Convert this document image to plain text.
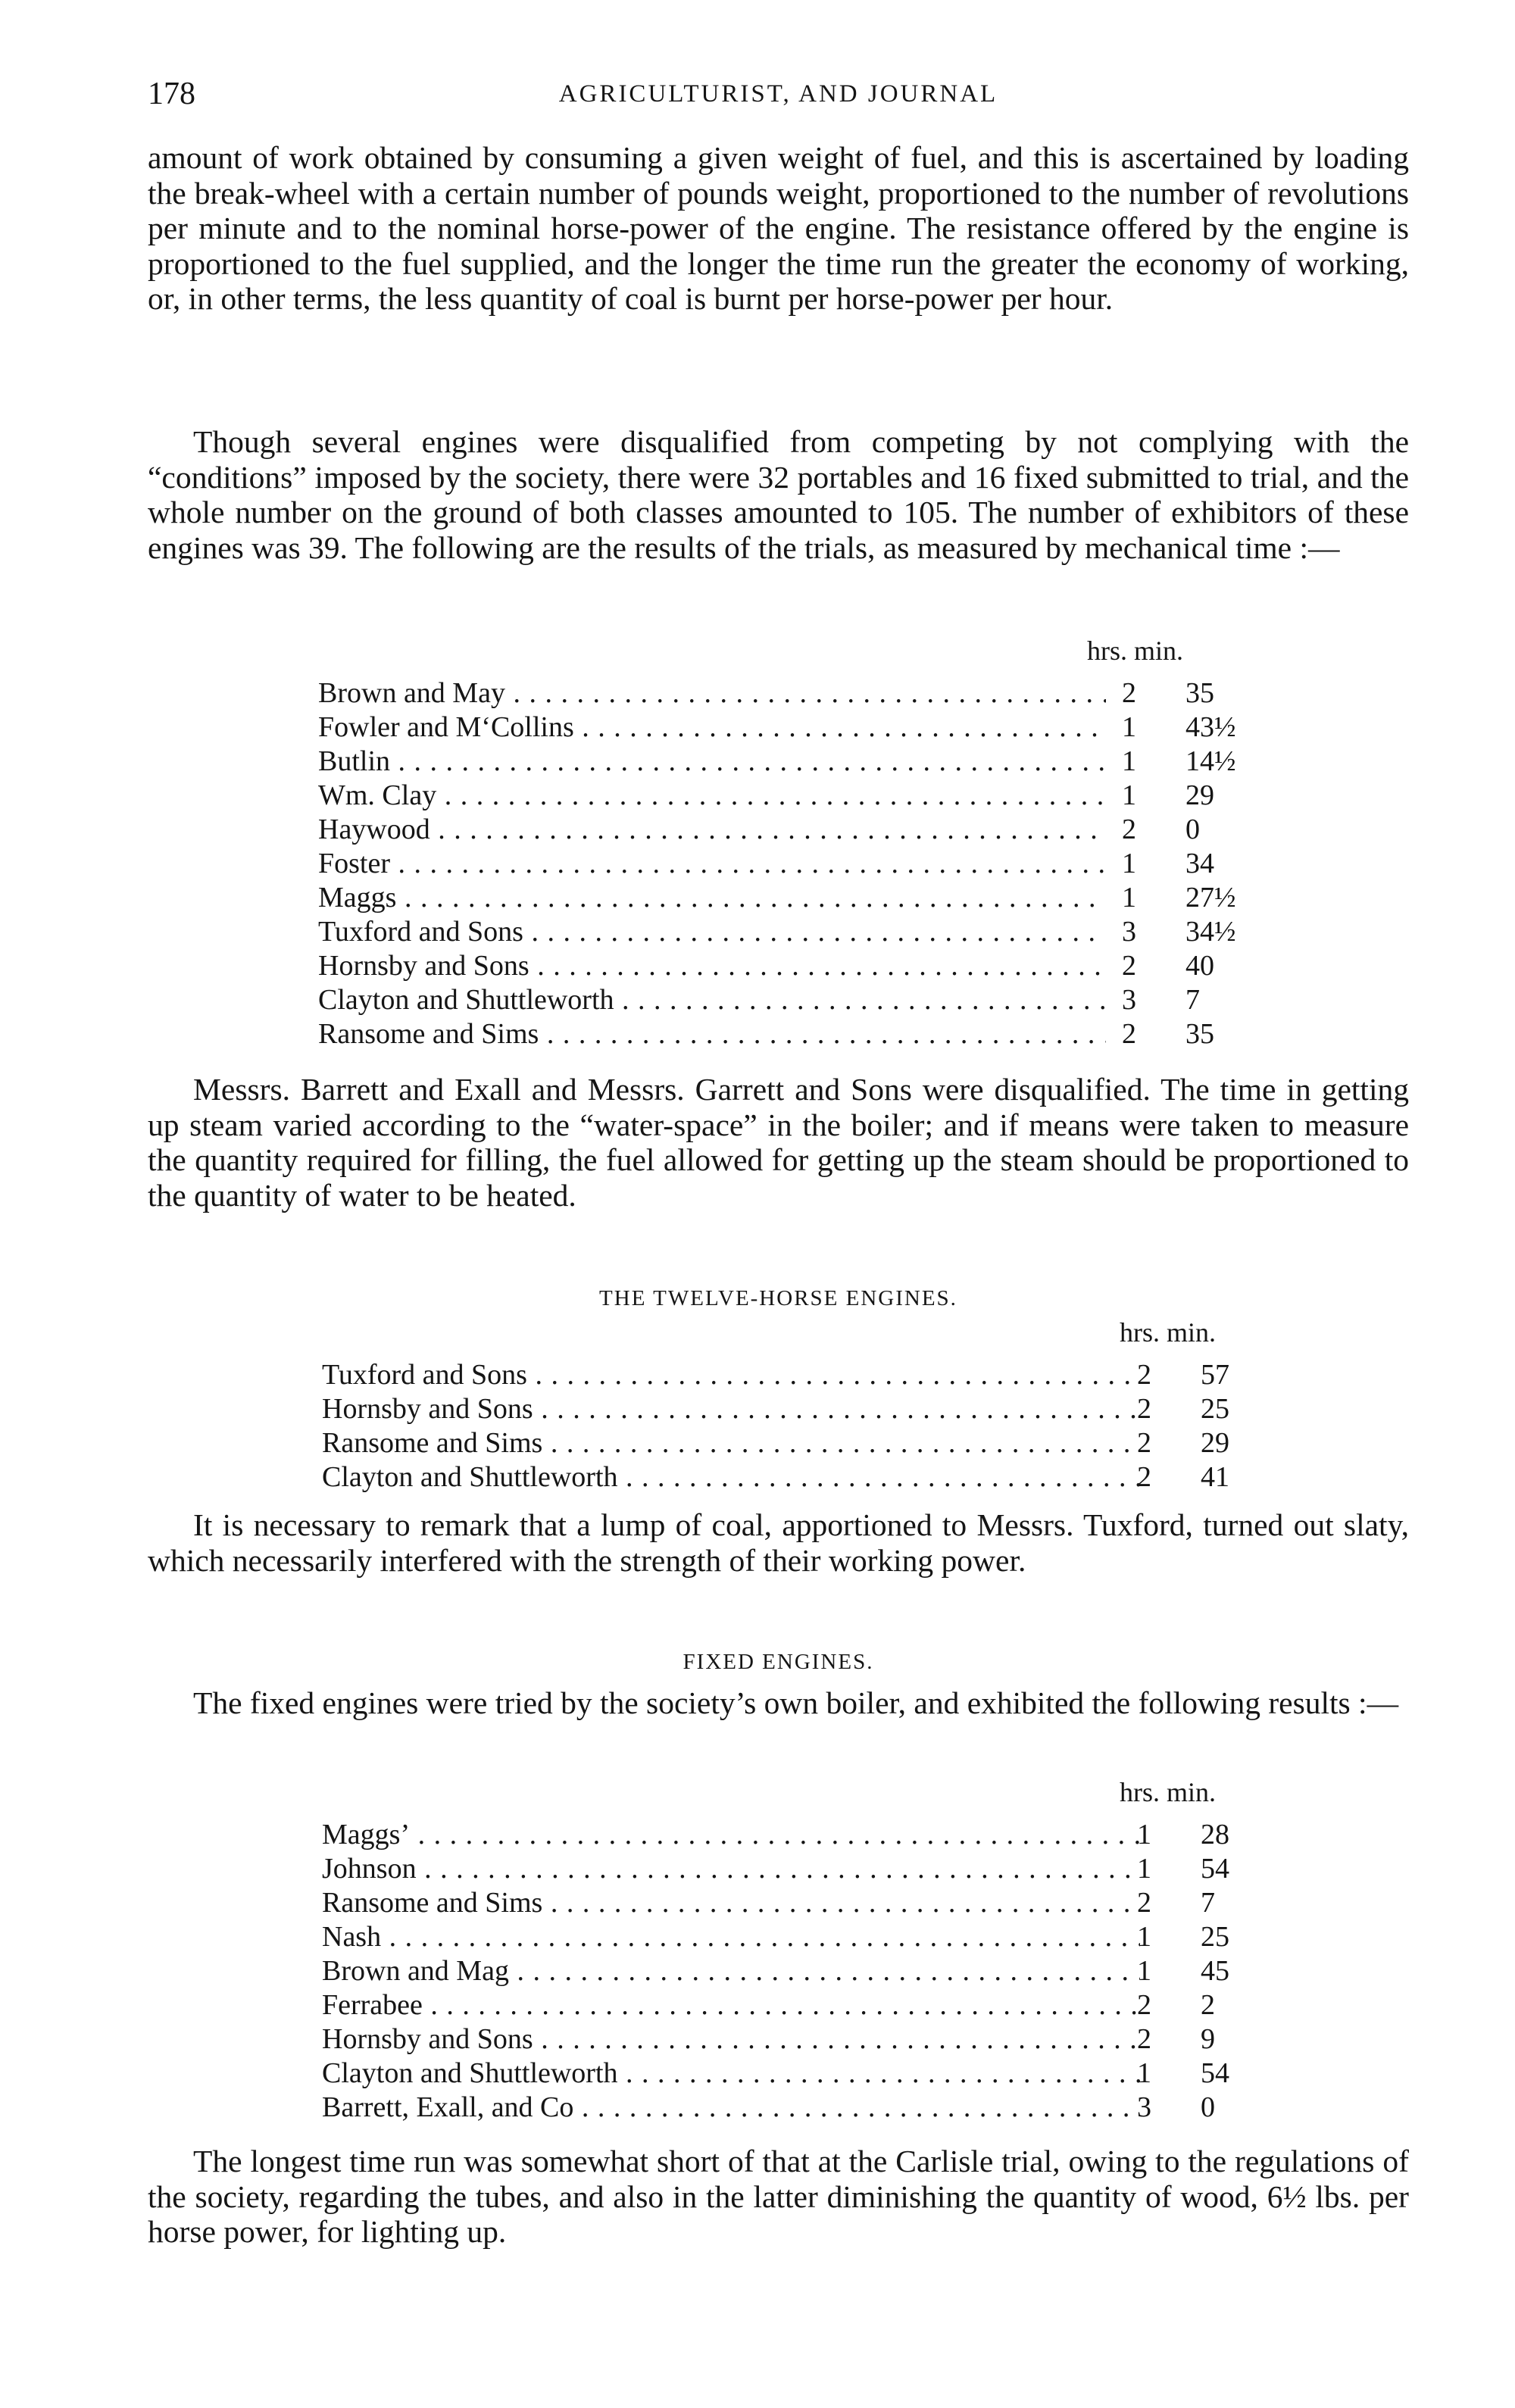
178	AGRICULTURIST, AND JOURNAL

amount of work obtained by consuming a given weight of fuel, and this is ascertained by loading the break-wheel with a certain number of pounds weight, proportioned to the number of revolutions per minute and to the nominal horse-power of the engine. The resistance offered by the engine is proportioned to the fuel supplied, and the longer the time run the greater the economy of working, or, in other terms, the less quantity of coal is burnt per horse-power per hour.

Though several engines were disqualified from competing by not complying with the “conditions” imposed by the society, there were 32 portables and 16 fixed submitted to trial, and the whole number on the ground of both classes amounted to 105. The number of exhibitors of these engines was 39. The following are the results of the trials, as measured by mechanical time :—

hrs. min.
Brown and May . . .	2 35
Fowler and M‘Collins . . .	1 43½
Butlin . . .	1 14½
Wm. Clay . . .	1 29
Haywood . . .	2 0
Foster . . .	1 34
Maggs . . .	1 27½
Tuxford and Sons . . .	3 34½
Hornsby and Sons . . .	2 40
Clayton and Shuttleworth . . .	3 7
Ransome and Sims . . .	2 35

Messrs. Barrett and Exall and Messrs. Garrett and Sons were disqualified. The time in getting up steam varied according to the “water-space” in the boiler; and if means were taken to measure the quantity required for filling, the fuel allowed for getting up the steam should be proportioned to the quantity of water to be heated.

THE TWELVE-HORSE ENGINES.
hrs. min.
Tuxford and Sons . . .	2 57
Hornsby and Sons . . .	2 25
Ransome and Sims . . .	2 29
Clayton and Shuttleworth . . .	2 41

It is necessary to remark that a lump of coal, apportioned to Messrs. Tuxford, turned out slaty, which necessarily interfered with the strength of their working power.

FIXED ENGINES.

The fixed engines were tried by the society’s own boiler, and exhibited the following results :—

hrs. min.
Maggs’ . . .	1 28
Johnson . . .	1 54
Ransome and Sims . . .	2 7
Nash . . .	1 25
Brown and Mag . . .	1 45
Ferrabee . . .	2 2
Hornsby and Sons . . .	2 9
Clayton and Shuttleworth . . .	1 54
Barrett, Exall, and Co . . .	3 0

The longest time run was somewhat short of that at the Carlisle trial, owing to the regulations of the society, regarding the tubes, and also in the latter diminishing the quantity of wood, 6½ lbs. per horse power, for lighting up.
